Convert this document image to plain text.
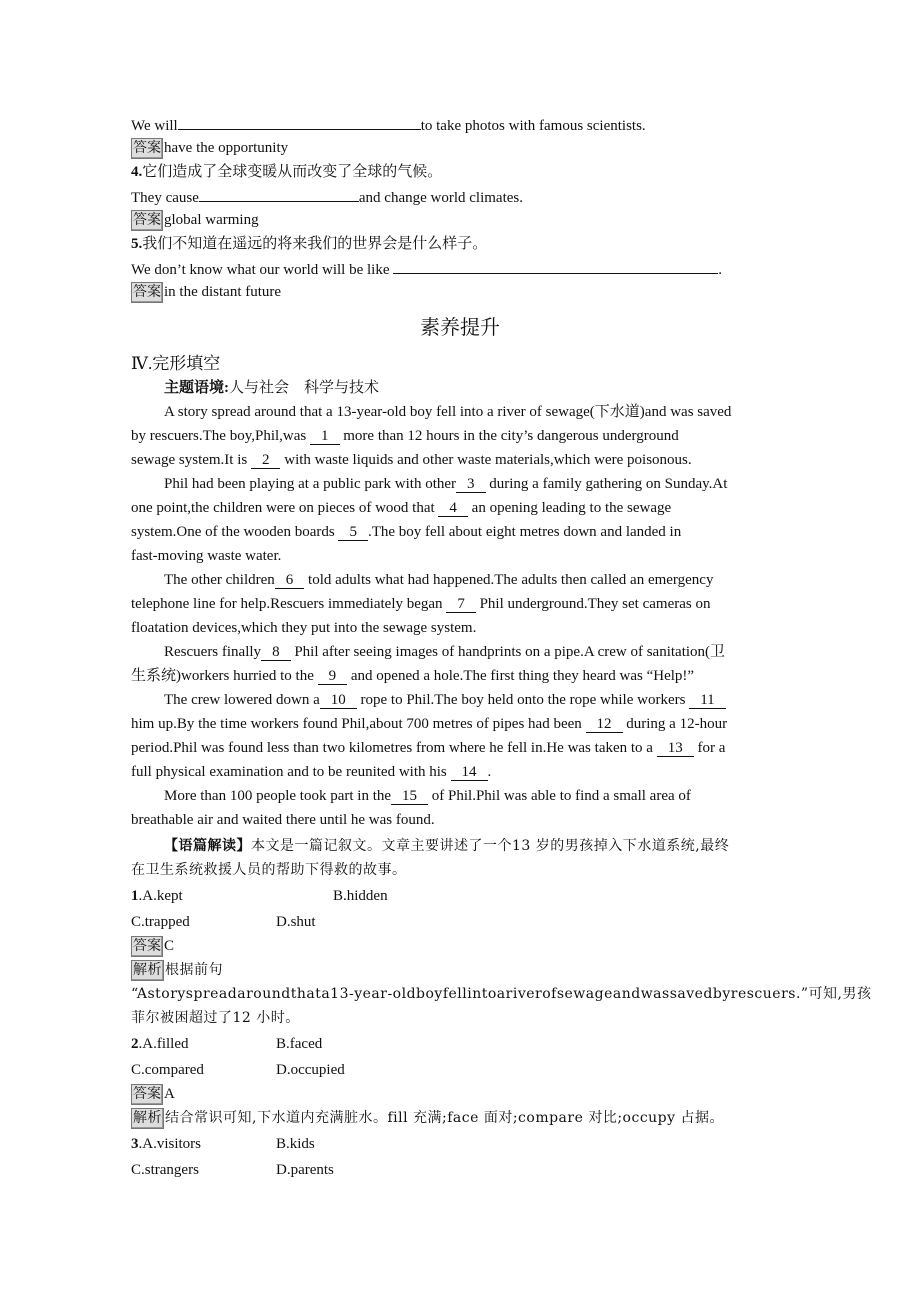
We will	to take photos with famous scientists.
答案 have the opportunity
4.它们造成了全球变暖从而改变了全球的气候。
They cause	and change world climates.
答案 global warming
5.我们不知道在遥远的将来我们的世界会是什么样子。
We don’t know what our world will be like	.
答案 in the distant future
素养提升
Ⅳ.完形填空
主题语境:人与社会　科学与技术
A story spread around that a 13-year-old boy fell into a river of sewage(下水道)and was saved
by rescuers.The boy,Phil,was 1 more than 12 hours in the city’s dangerous underground
sewage system.It is 2 with waste liquids and other waste materials,which were poisonous.
Phil had been playing at a public park with other 3 during a family gathering on Sunday.At
one point,the children were on pieces of wood that 4 an opening leading to the sewage
system.One of the wooden boards 5 .The boy fell about eight metres down and landed in
fast-moving waste water.
The other children 6 told adults what had happened.The adults then called an emergency
telephone line for help.Rescuers immediately began 7 Phil underground.They set cameras on
floatation devices,which they put into the sewage system.
Rescuers finally 8 Phil after seeing images of handprints on a pipe.A crew of sanitation(卫
生系统)workers hurried to the 9 and opened a hole.The first thing they heard was “Help!”
The crew lowered down a 10 rope to Phil.The boy held onto the rope while workers 11
him up.By the time workers found Phil,about 700 metres of pipes had been 12 during a 12-hour
period.Phil was found less than two kilometres from where he fell in.He was taken to a 13 for a
full physical examination and to be reunited with his 14 .
More than 100 people took part in the 15 of Phil.Phil was able to find a small area of
breathable air and waited there until he was found.
【语篇解读】本文是一篇记叙文。文章主要讲述了一个13 岁的男孩掉入下水道系统,最终
在卫生系统救援人员的帮助下得救的故事。
1.A.kept	B.hidden
C.trapped	D.shut
答案 C
解析 根据前句
“Astoryspreadaroundthata13-year-oldboyfellintoariverofsewageandwassavedbyrescuers.”可知,男孩
菲尔被困超过了12 小时。
2.A.filled	B.faced
C.compared	D.occupied
答案 A
解析 结合常识可知,下水道内充满脏水。fill 充满;face 面对;compare 对比;occupy 占据。
3.A.visitors	B.kids
C.strangers	D.parents
